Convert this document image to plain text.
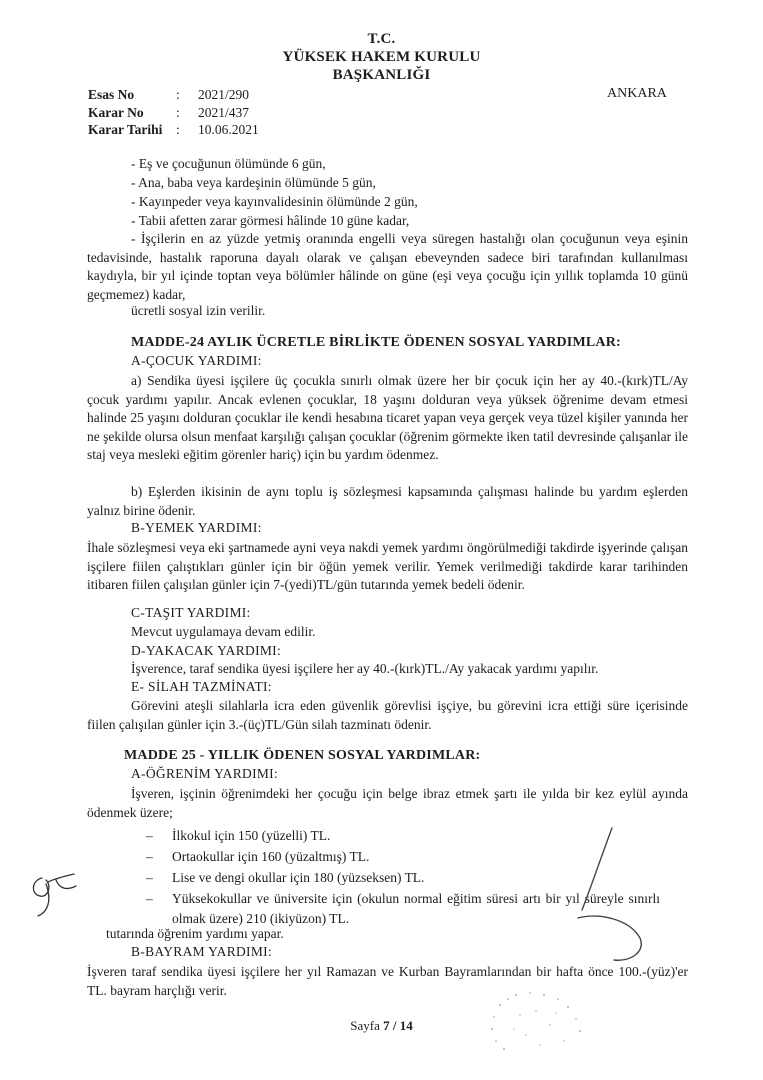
T.C.
YÜKSEK HAKEM KURULU
BAŞKANLIĞI
Esas No	: 2021/290
Karar No : 2021/437
Karar Tarihi : 10.06.2021
ANKARA
- Eş ve çocuğunun ölümünde 6 gün,
- Ana, baba veya kardeşinin ölümünde 5 gün,
- Kayınpeder veya kayınvalidesinin ölümünde 2 gün,
- Tabii afetten zarar görmesi hâlinde 10 güne kadar,
- İşçilerin en az yüzde yetmiş oranında engelli veya süregen hastalığı olan çocuğunun veya eşinin tedavisinde, hastalık raporuna dayalı olarak ve çalışan ebeveynden sadece biri tarafından kullanılması kaydıyla, bir yıl içinde toptan veya bölümler hâlinde on güne (eşi veya çocuğu için yıllık toplamda 10 günü geçmemez) kadar,
ücretli sosyal izin verilir.
MADDE-24 AYLIK ÜCRETLE BİRLİKTE ÖDENEN SOSYAL YARDIMLAR:
A-ÇOCUK YARDIMI:
a) Sendika üyesi işçilere üç çocukla sınırlı olmak üzere her bir çocuk için her ay 40.-(kırk)TL/Ay çocuk yardımı yapılır. Ancak evlenen çocuklar, 18 yaşını dolduran veya yüksek öğrenime devam etmesi halinde 25 yaşını dolduran çocuklar ile kendi hesabına ticaret yapan veya gerçek veya tüzel kişiler yanında her ne şekilde olursa olsun menfaat karşılığı çalışan çocuklar (öğrenim görmekte iken tatil devresinde çalışanlar ile staj veya mesleki eğitim görenler hariç) için bu yardım ödenmez.
b) Eşlerden ikisinin de aynı toplu iş sözleşmesi kapsamında çalışması halinde bu yardım eşlerden yalnız birine ödenir.
B-YEMEK YARDIMI:
İhale sözleşmesi veya eki şartnamede ayni veya nakdi yemek yardımı öngörülmediği takdirde işyerinde çalışan işçilere fiilen çalıştıkları günler için bir öğün yemek verilir. Yemek verilmediği takdirde karar tarihinden itibaren fiilen çalışılan günler için 7-(yedi)TL/gün tutarında yemek bedeli ödenir.
C-TAŞIT YARDIMI:
Mevcut uygulamaya devam edilir.
D-YAKACAK YARDIMI:
İşverence, taraf sendika üyesi işçilere her ay 40.-(kırk)TL./Ay yakacak yardımı yapılır.
E- SİLAH TAZMİNATI:
Görevini ateşli silahlarla icra eden güvenlik görevlisi işçiye, bu görevini icra ettiği süre içerisinde fiilen çalışılan günler için 3.-(üç)TL/Gün silah tazminatı ödenir.
MADDE 25 - YILLIK ÖDENEN SOSYAL YARDIMLAR:
A-ÖĞRENİM YARDIMI:
İşveren, işçinin öğrenimdeki her çocuğu için belge ibraz etmek şartı ile yılda bir kez eylül ayında ödenmek üzere;
– İlkokul için 150 (yüzelli) TL.
– Ortaokullar için 160 (yüzaltmış) TL.
– Lise ve dengi okullar için 180 (yüzseksen) TL.
–	Yüksekokullar ve üniversite için (okulun normal eğitim süresi artı bir yıl süreyle sınırlı olmak üzere) 210 (ikiyüzon) TL.
tutarında öğrenim yardımı yapar.
B-BAYRAM YARDIMI:
İşveren taraf sendika üyesi işçilere her yıl Ramazan ve Kurban Bayramlarından bir hafta önce 100.-(yüz)'er TL. bayram harçlığı verir.
Sayfa 7 / 14
